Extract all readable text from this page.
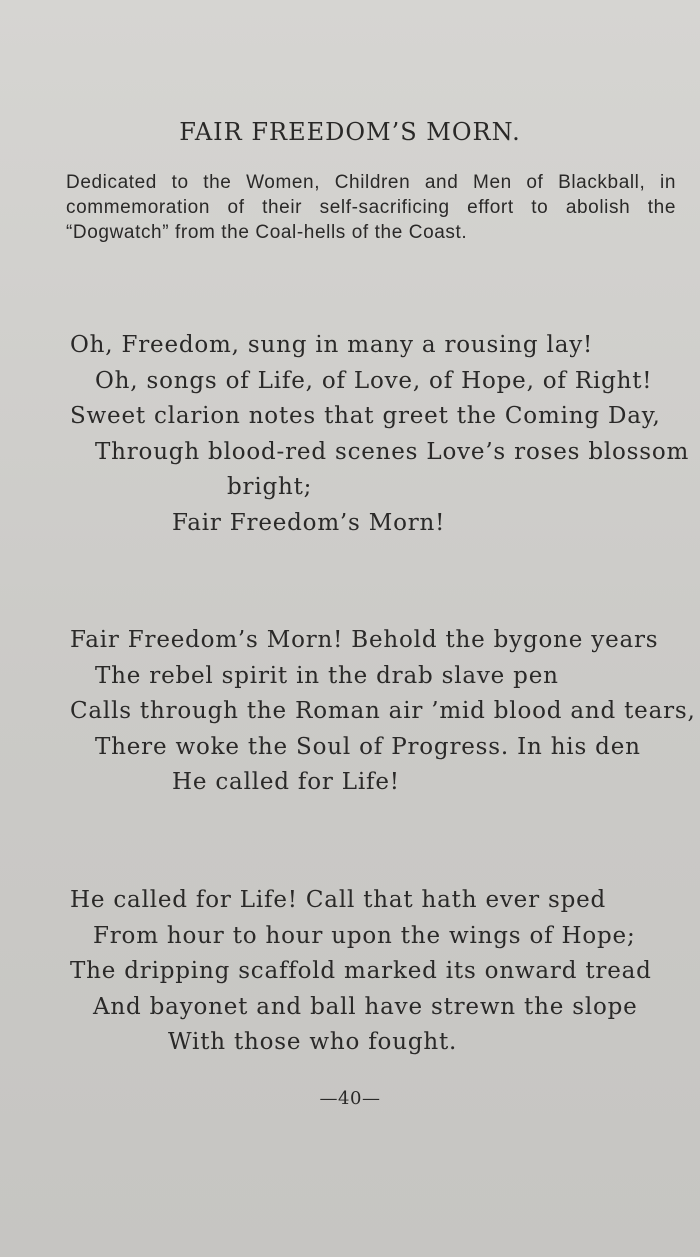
FAIR FREEDOM’S MORN.

Dedicated to the Women, Children and Men of Blackball, in commemoration of their self-sacrificing effort to abolish the “Dogwatch” from the Coal-hells of the Coast.

Oh, Freedom, sung in many a rousing lay!
Oh, songs of Life, of Love, of Hope, of Right!
Sweet clarion notes that greet the Coming Day,
Through blood-red scenes Love’s roses blossom
bright;
Fair Freedom’s Morn!
Fair Freedom’s Morn! Behold the bygone years
The rebel spirit in the drab slave pen
Calls through the Roman air ’mid blood and tears,
There woke the Soul of Progress. In his den
He called for Life!
He called for Life! Call that hath ever sped
From hour to hour upon the wings of Hope;
The dripping scaffold marked its onward tread
And bayonet and ball have strewn the slope
With those who fought.

—40—
